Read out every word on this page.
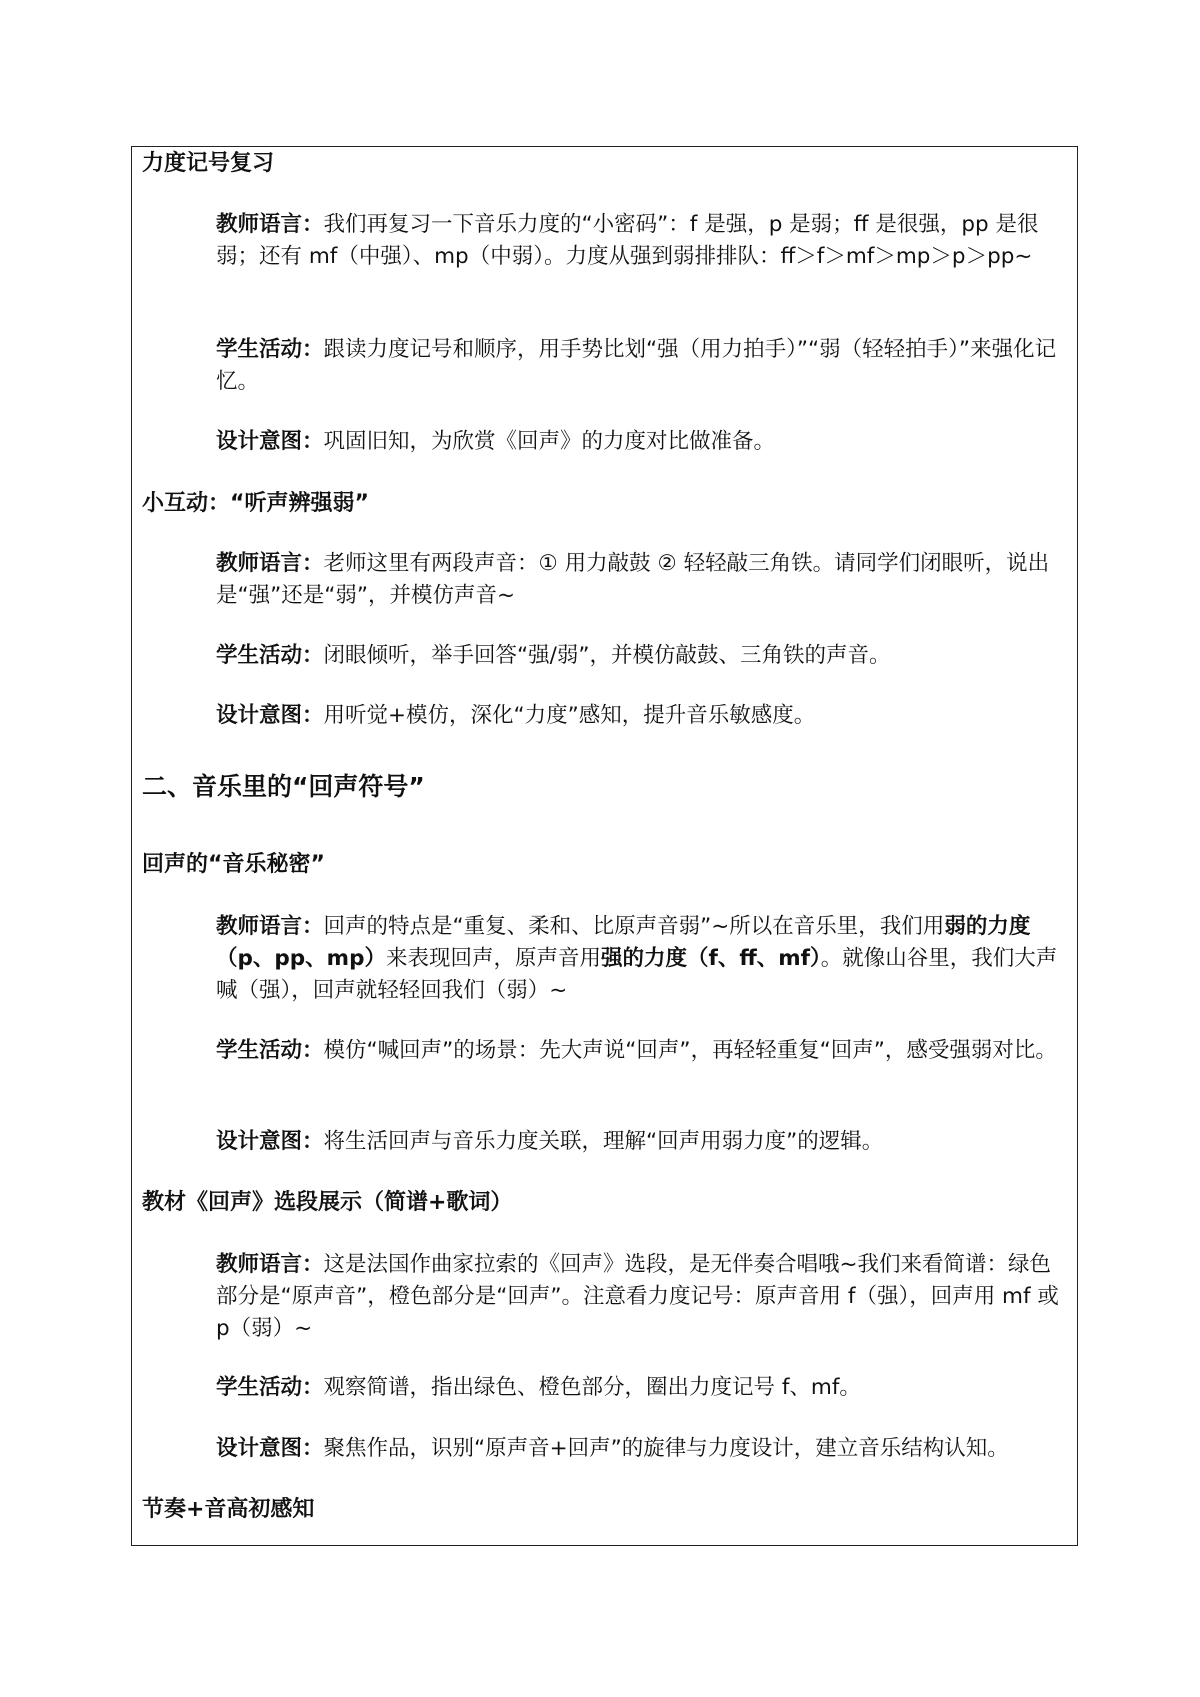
力度记号复习
教师语言：我们再复习一下音乐力度的“小密码”：f 是强，p 是弱；ff 是很强，pp 是很弱；还有 mf（中强）、mp（中弱）。力度从强到弱排排队：ff＞f＞mf＞mp＞p＞pp~
学生活动：跟读力度记号和顺序，用手势比划“强（用力拍手）”“弱（轻轻拍手）”来强化记忆。
设计意图：巩固旧知，为欣赏《回声》的力度对比做准备。
小互动：“听声辨强弱”
教师语言：老师这里有两段声音：① 用力敲鼓 ② 轻轻敲三角铁。请同学们闭眼听，说出是“强”还是“弱”，并模仿声音~
学生活动：闭眼倾听，举手回答“强/弱”，并模仿敲鼓、三角铁的声音。
设计意图：用听觉+模仿，深化“力度”感知，提升音乐敏感度。
二、音乐里的“回声符号”
回声的“音乐秘密”
教师语言：回声的特点是“重复、柔和、比原声音弱”~所以在音乐里，我们用弱的力度（p、pp、mp）来表现回声，原声音用强的力度（f、ff、mf）。就像山谷里，我们大声喊（强），回声就轻轻回我们（弱）~
学生活动：模仿“喊回声”的场景：先大声说“回声”，再轻轻重复“回声”，感受强弱对比。
设计意图：将生活回声与音乐力度关联，理解“回声用弱力度”的逻辑。
教材《回声》选段展示（简谱+歌词）
教师语言：这是法国作曲家拉索的《回声》选段，是无伴奏合唱哦~我们来看简谱：绿色部分是“原声音”，橙色部分是“回声”。注意看力度记号：原声音用 f（强），回声用 mf 或 p（弱）~
学生活动：观察简谱，指出绿色、橙色部分，圈出力度记号 f、mf。
设计意图：聚焦作品，识别“原声音+回声”的旋律与力度设计，建立音乐结构认知。
节奏+音高初感知
